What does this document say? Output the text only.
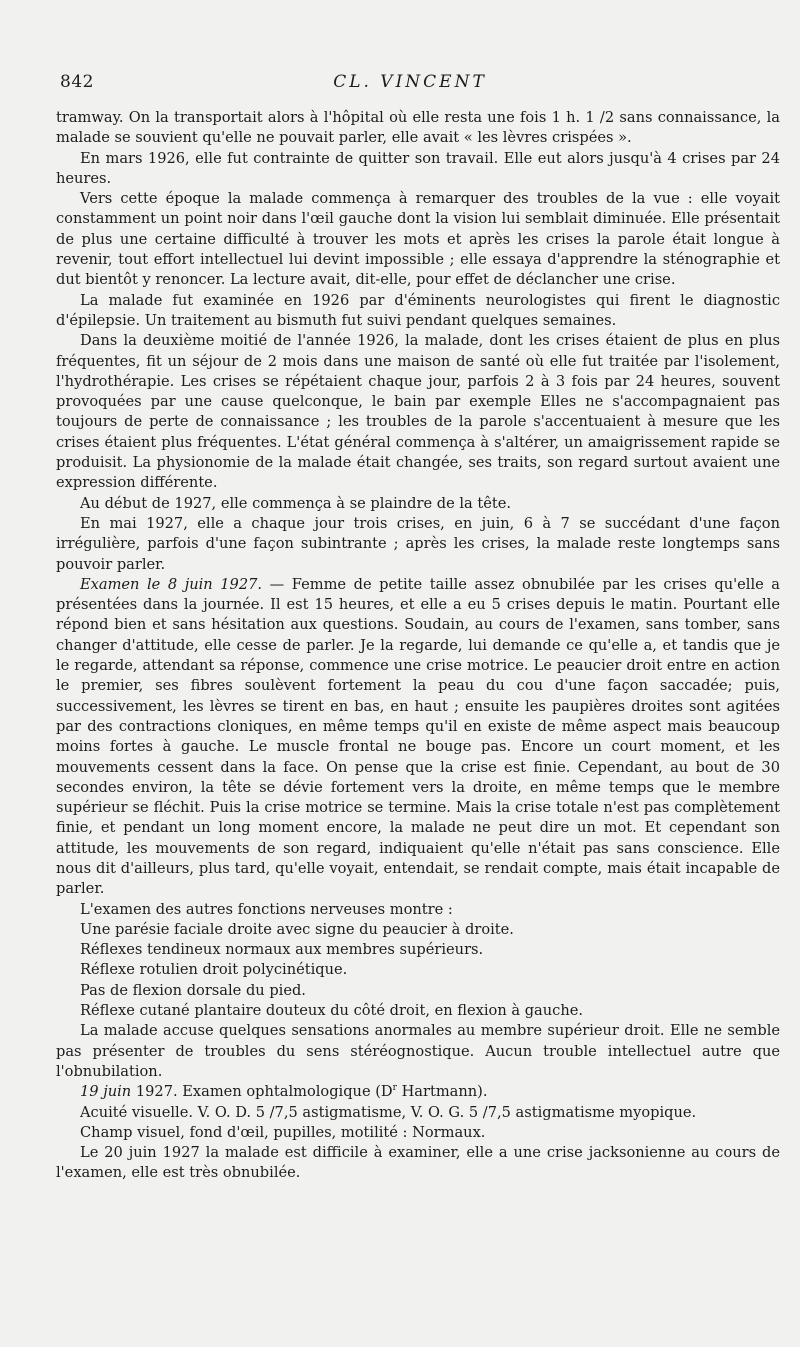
842	CL. VINCENT

tramway. On la transportait alors à l'hôpital où elle resta une fois 1 h. 1 /2 sans connaissance, la malade se souvient qu'elle ne pouvait parler, elle avait « les lèvres crispées ».

En mars 1926, elle fut contrainte de quitter son travail. Elle eut alors jusqu'à 4 crises par 24 heures.

Vers cette époque la malade commença à remarquer des troubles de la vue : elle voyait constamment un point noir dans l'œil gauche dont la vision lui semblait diminuée. Elle présentait de plus une certaine difficulté à trouver les mots et après les crises la parole était longue à revenir, tout effort intellectuel lui devint impossible ; elle essaya d'apprendre la sténographie et dut bientôt y renoncer. La lecture avait, dit-elle, pour effet de déclancher une crise.

La malade fut examinée en 1926 par d'éminents neurologistes qui firent le diagnostic d'épilepsie. Un traitement au bismuth fut suivi pendant quelques semaines.

Dans la deuxième moitié de l'année 1926, la malade, dont les crises étaient de plus en plus fréquentes, fit un séjour de 2 mois dans une maison de santé où elle fut traitée par l'isolement, l'hydrothérapie. Les crises se répétaient chaque jour, parfois 2 à 3 fois par 24 heures, souvent provoquées par une cause quelconque, le bain par exemple Elles ne s'accompagnaient pas toujours de perte de connaissance ; les troubles de la parole s'accentuaient à mesure que les crises étaient plus fréquentes. L'état général commença à s'altérer, un amaigrissement rapide se produisit. La physionomie de la malade était changée, ses traits, son regard surtout avaient une expression différente.

Au début de 1927, elle commença à se plaindre de la tête.

En mai 1927, elle a chaque jour trois crises, en juin, 6 à 7 se succédant d'une façon irrégulière, parfois d'une façon subintrante ; après les crises, la malade reste longtemps sans pouvoir parler.

Examen le 8 juin 1927. — Femme de petite taille assez obnubilée par les crises qu'elle a présentées dans la journée. Il est 15 heures, et elle a eu 5 crises depuis le matin. Pourtant elle répond bien et sans hésitation aux questions. Soudain, au cours de l'examen, sans tomber, sans changer d'attitude, elle cesse de parler. Je la regarde, lui demande ce qu'elle a, et tandis que je le regarde, attendant sa réponse, commence une crise motrice. Le peaucier droit entre en action le premier, ses fibres soulèvent fortement la peau du cou d'une façon saccadée; puis, successivement, les lèvres se tirent en bas, en haut ; ensuite les paupières droites sont agitées par des contractions cloniques, en même temps qu'il en existe de même aspect mais beaucoup moins fortes à gauche. Le muscle frontal ne bouge pas. Encore un court moment, et les mouvements cessent dans la face. On pense que la crise est finie. Cependant, au bout de 30 secondes environ, la tête se dévie fortement vers la droite, en même temps que le membre supérieur se fléchit. Puis la crise motrice se termine. Mais la crise totale n'est pas complètement finie, et pendant un long moment encore, la malade ne peut dire un mot. Et cependant son attitude, les mouvements de son regard, indiquaient qu'elle n'était pas sans conscience. Elle nous dit d'ailleurs, plus tard, qu'elle voyait, entendait, se rendait compte, mais était incapable de parler.

L'examen des autres fonctions nerveuses montre :

Une parésie faciale droite avec signe du peaucier à droite.

Réflexes tendineux normaux aux membres supérieurs.

Réflexe rotulien droit polycinétique.

Pas de flexion dorsale du pied.

Réflexe cutané plantaire douteux du côté droit, en flexion à gauche.

La malade accuse quelques sensations anormales au membre supérieur droit. Elle ne semble pas présenter de troubles du sens stéréognostique. Aucun trouble intellectuel autre que l'obnubilation.

19 juin 1927. Examen ophtalmologique ($D^r$ Hartmann).

Acuité visuelle. V. O. D. 5 /7,5 astigmatisme, V. O. G. 5 /7,5 astigmatisme myopique.

Champ visuel, fond d'œil, pupilles, motilité : Normaux.

Le 20 juin 1927 la malade est difficile à examiner, elle a une crise jacksonienne au cours de l'examen, elle est très obnubilée.
